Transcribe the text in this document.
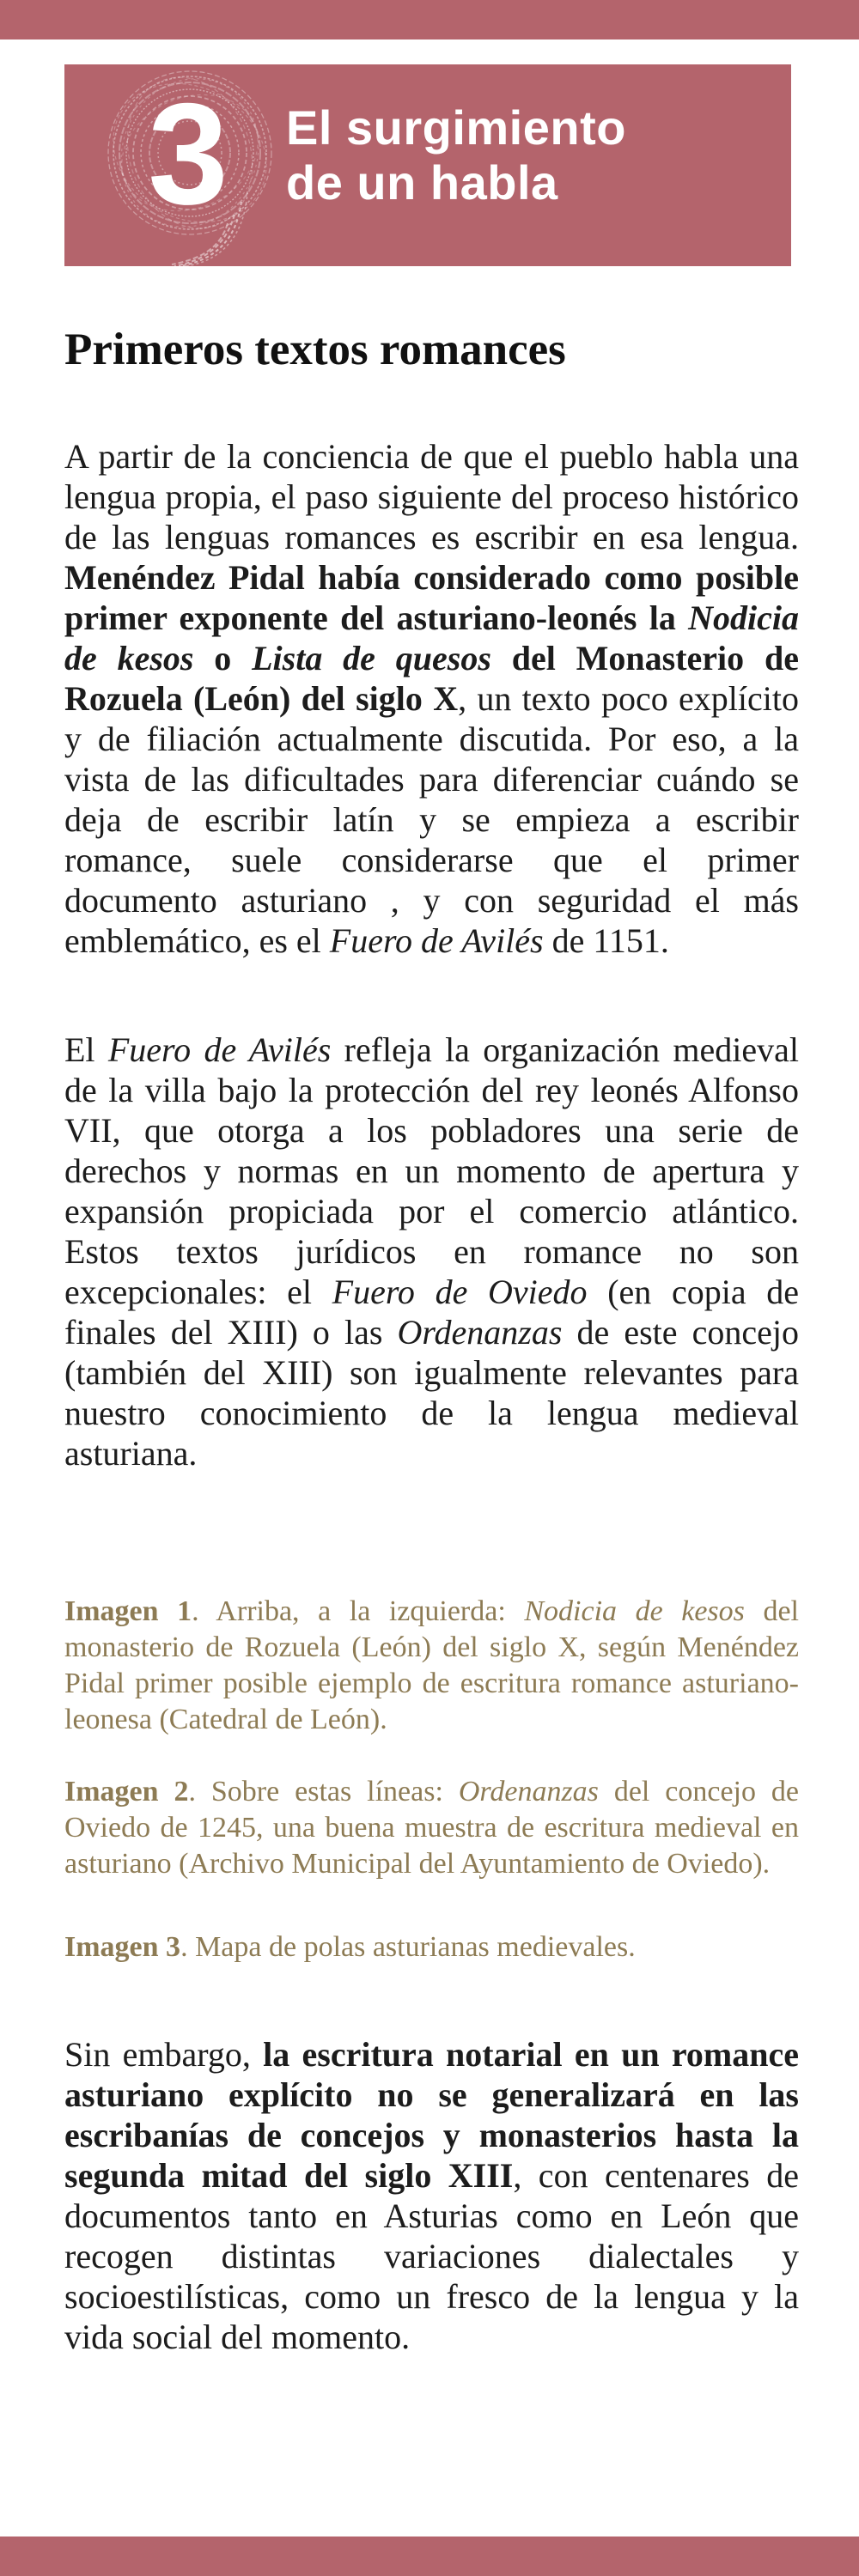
3 El surgimiento
de un habla
Primeros textos romances

A partir de la conciencia de que el pueblo habla una lengua propia, el paso siguiente del proceso histórico de las lenguas romances es escribir en esa lengua. Menéndez Pidal había considerado como posible primer exponente del asturiano-leonés la Nodicia de kesos o Lista de quesos del Monasterio de Rozuela (León) del siglo X, un texto poco explícito y de filiación actualmente discutida. Por eso, a la vista de las dificultades para diferenciar cuándo se deja de escribir latín y se empieza a escribir romance, suele considerarse que el primer documento asturiano , y con seguridad el más emblemático, es el Fuero de Avilés de 1151.

El Fuero de Avilés refleja la organización medieval de la villa bajo la protección del rey leonés Alfonso VII, que otorga a los pobladores una serie de derechos y normas en un momento de apertura y expansión propiciada por el comercio atlántico. Estos textos jurídicos en romance no son excepcionales: el Fuero de Oviedo (en copia de finales del XIII) o las Ordenanzas de este concejo (también del XIII) son igualmente relevantes para nuestro conocimiento de la lengua medieval asturiana.

Imagen 1. Arriba, a la izquierda: Nodicia de kesos del monasterio de Rozuela (León) del siglo X, según Menéndez Pidal primer posible ejemplo de escritura romance asturiano-leonesa (Catedral de León).

Imagen 2. Sobre estas líneas: Ordenanzas del concejo de Oviedo de 1245, una buena muestra de escritura medieval en asturiano (Archivo Municipal del Ayuntamiento de Oviedo).

Imagen 3. Mapa de polas asturianas medievales.

Sin embargo, la escritura notarial en un romance asturiano explícito no se generalizará en las escribanías de concejos y monasterios hasta la segunda mitad del siglo XIII, con centenares de documentos tanto en Asturias como en León que recogen distintas variaciones dialectales y socioestilísticas, como un fresco de la lengua y la vida social del momento.
